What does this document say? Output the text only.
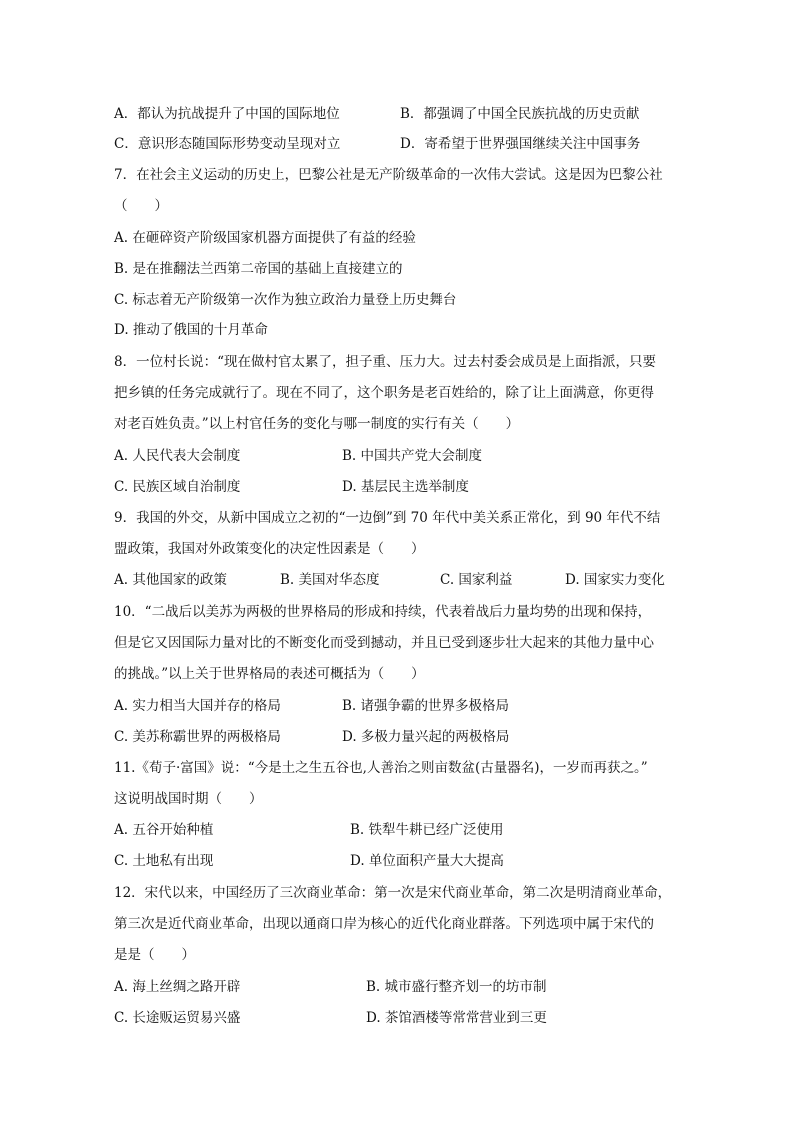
A．都认为抗战提升了中国的国际地位	B．都强调了中国全民族抗战的历史贡献
C．意识形态随国际形势变动呈现对立	D．寄希望于世界强国继续关注中国事务
7．在社会主义运动的历史上，巴黎公社是无产阶级革命的一次伟大尝试。这是因为巴黎公社
（　　）
A. 在砸碎资产阶级国家机器方面提供了有益的经验
B. 是在推翻法兰西第二帝国的基础上直接建立的
C. 标志着无产阶级第一次作为独立政治力量登上历史舞台
D. 推动了俄国的十月革命
8．一位村长说：“现在做村官太累了，担子重、压力大。过去村委会成员是上面指派，只要
把乡镇的任务完成就行了。现在不同了，这个职务是老百姓给的，除了让上面满意，你更得
对老百姓负责。”以上村官任务的变化与哪一制度的实行有关（　　）
A. 人民代表大会制度	B. 中国共产党大会制度
C. 民族区域自治制度	D. 基层民主选举制度
9．我国的外交，从新中国成立之初的“一边倒”到 70 年代中美关系正常化，到 90 年代不结
盟政策，我国对外政策变化的决定性因素是（　　）
A. 其他国家的政策	B. 美国对华态度	C. 国家利益	D. 国家实力变化
10．“二战后以美苏为两极的世界格局的形成和持续，代表着战后力量均势的出现和保持，
但是它又因国际力量对比的不断变化而受到撼动，并且已受到逐步壮大起来的其他力量中心
的挑战。”以上关于世界格局的表述可概括为（　　）
A. 实力相当大国并存的格局	B. 诸强争霸的世界多极格局
C. 美苏称霸世界的两极格局	D. 多极力量兴起的两极格局
11.《荀子·富国》说：“今是土之生五谷也,人善治之则亩数盆(古量器名)，一岁而再获之。”
这说明战国时期（　　）
A. 五谷开始种植	B. 铁犁牛耕已经广泛使用
C. 土地私有出现	D. 单位面积产量大大提高
12．宋代以来，中国经历了三次商业革命：第一次是宋代商业革命，第二次是明清商业革命，
第三次是近代商业革命，出现以通商口岸为核心的近代化商业群落。下列选项中属于宋代的
是是（　　）
A. 海上丝绸之路开辟	B. 城市盛行整齐划一的坊市制
C. 长途贩运贸易兴盛	D. 茶馆酒楼等常常营业到三更
